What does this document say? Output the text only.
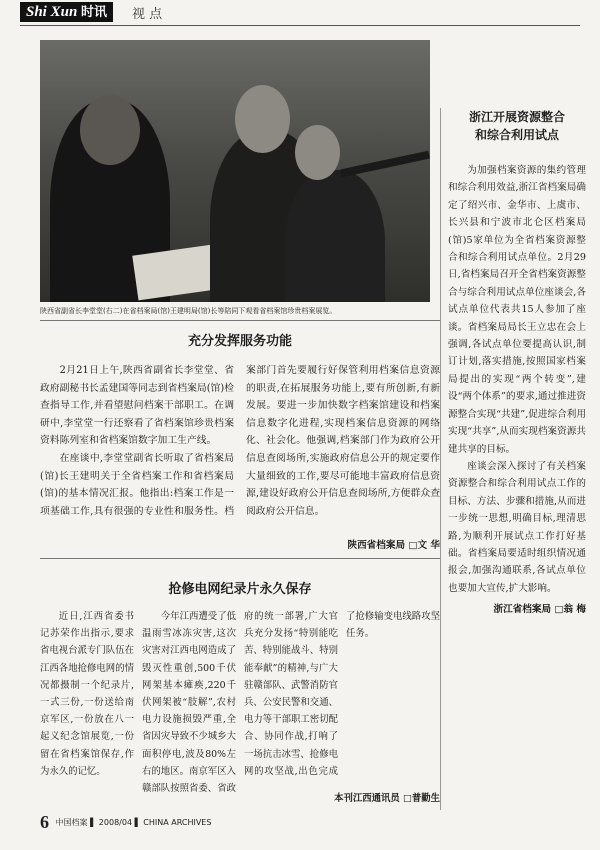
Shi Xun 时讯	视 点
陕西省副省长李堂堂(右二)在省档案局(馆)王建明局(馆)长等陪同下观看省档案馆珍贵档案展览。
浙江开展资源整合
和综合利用试点

为加强档案资源的集约管理和综合利用效益,浙江省档案局确定了绍兴市、金华市、上虞市、长兴县和宁波市北仑区档案局(馆)5家单位为全省档案资源整合和综合利用试点单位。2月29日,省档案局召开全省档案资源整合与综合利用试点单位座谈会,各试点单位代表共15人参加了座谈。省档案局局长王立忠在会上强调,各试点单位要提高认识,制订计划,落实措施,按照国家档案局提出的实现“两个转变”,建设“两个体系”的要求,通过推进资源整合实现“共建”,促进综合利用实现“共享”,从而实现档案资源共建共享的目标。

座谈会深入探讨了有关档案资源整合和综合利用试点工作的目标、方法、步骤和措施,从而进一步统一思想,明确目标,理清思路,为顺利开展试点工作打好基础。省档案局要适时组织情况通报会,加强沟通联系,各试点单位也要加大宣传,扩大影响。

浙江省档案局 □翁 梅
充分发挥服务功能

2月21日上午,陕西省副省长李堂堂、省政府副秘书长孟建国等同志到省档案局(馆)检查指导工作,并看望慰问档案干部职工。在调研中,李堂堂一行还察看了省档案馆珍贵档案资料陈列室和省档案馆数字加工生产线。

在座谈中,李堂堂副省长听取了省档案局(馆)长王建明关于全省档案工作和省档案局(馆)的基本情况汇报。他指出:档案工作是一项基础工作,具有很强的专业性和服务性。档案部门首先要履行好保管利用档案信息资源的职责,在拓展服务功能上,要有所创新,有新发展。要进一步加快数字档案馆建设和档案信息数字化进程,实现档案信息资源的网络化、社会化。他强调,档案部门作为政府公开信息查阅场所,实施政府信息公开的规定要作大量细致的工作,要尽可能地丰富政府信息资源,建设好政府公开信息查阅场所,方便群众查阅政府公开信息。

陕西省档案局 □文 华
抢修电网纪录片永久保存

近日,江西省委书记苏荣作出指示,要求省电视台派专门队伍在江西各地抢修电网的情况都摄制一个纪录片,一式三份,一份送给南京军区,一份放在八一起义纪念馆展览,一份留在省档案馆保存,作为永久的记忆。

今年江西遭受了低温雨雪冰冻灾害,这次灾害对江西电网造成了毁灭性重创,500千伏网架基本瘫痪,220千伏网架被“肢解”,农村电力设施损毁严重,全省因灾导致不少城乡大面积停电,波及80%左右的地区。南京军区入赣部队按照省委、省政府的统一部署,广大官兵充分发扬“特别能吃苦、特别能战斗、特别能奉献”的精神,与广大驻赣部队、武警消防官兵、公安民警和交通、电力等干部职工密切配合、协同作战,打响了一场抗击冰雪、抢修电网的攻坚战,出色完成了抢修输变电线路攻坚任务。

本刊江西通讯员 □普勤生
6 中国档案 ▌ 2008/04 ▌ CHINA ARCHIVES
